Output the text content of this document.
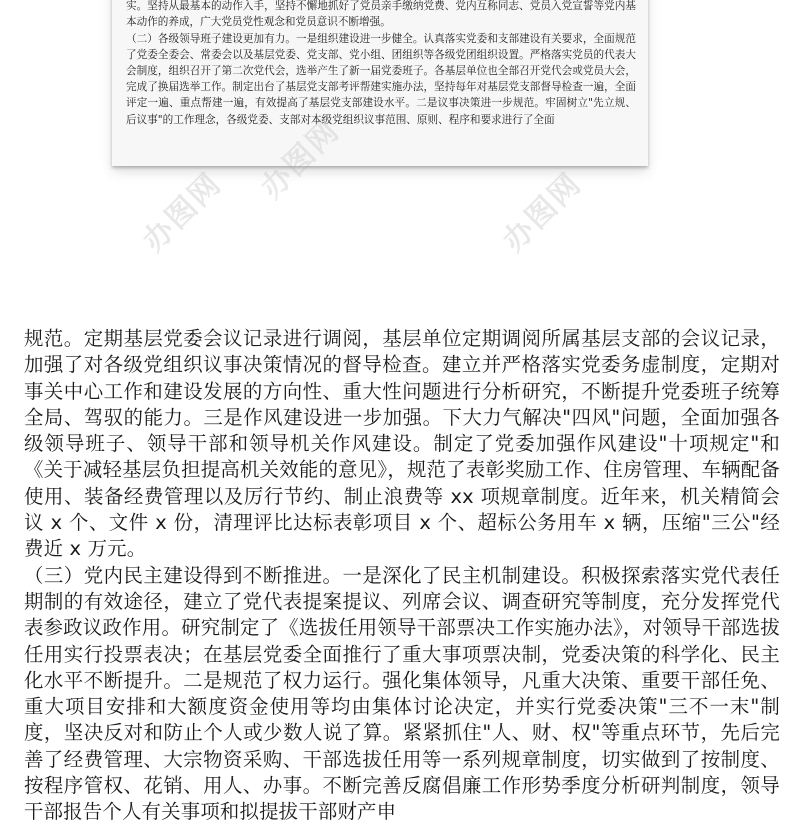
实。坚持从最基本的动作入手，坚持不懈地抓好了党员亲手缴纳党费、党内互称同志、党员入党宣誓等党内基本动作的养成，广大党员党性观念和党员意识不断增强。

（二）各级领导班子建设更加有力。一是组织建设进一步健全。认真落实党委和支部建设有关要求，全面规范了党委全委会、常委会以及基层党委、党支部、党小组、团组织等各级党团组织设置。严格落实党员的代表大会制度，组织召开了第二次党代会，选举产生了新一届党委班子。各基层单位也全部召开党代会或党员大会，完成了换届选举工作。制定出台了基层党支部考评帮建实施办法，坚持每年对基层党支部督导检查一遍，全面评定一遍、重点帮建一遍，有效提高了基层党支部建设水平。二是议事决策进一步规范。牢固树立"先立规、后议事"的工作理念，各级党委、支部对本级党组织议事范围、原则、程序和要求进行了全面

办图网
办图网	办图网

规范。定期基层党委会议记录进行调阅，基层单位定期调阅所属基层支部的会议记录，加强了对各级党组织议事决策情况的督导检查。建立并严格落实党委务虚制度，定期对事关中心工作和建设发展的方向性、重大性问题进行分析研究，不断提升党委班子统筹全局、驾驭的能力。三是作风建设进一步加强。下大力气解决"四风"问题，全面加强各级领导班子、领导干部和领导机关作风建设。制定了党委加强作风建设"十项规定"和《关于减轻基层负担提高机关效能的意见》，规范了表彰奖励工作、住房管理、车辆配备使用、装备经费管理以及厉行节约、制止浪费等 xx 项规章制度。近年来，机关精简会议 x 个、文件 x 份，清理评比达标表彰项目 x 个、超标公务用车 x 辆，压缩"三公"经费近 x 万元。

（三）党内民主建设得到不断推进。一是深化了民主机制建设。积极探索落实党代表任期制的有效途径，建立了党代表提案提议、列席会议、调查研究等制度，充分发挥党代表参政议政作用。研究制定了《选拔任用领导干部票决工作实施办法》，对领导干部选拔任用实行投票表决；在基层党委全面推行了重大事项票决制，党委决策的科学化、民主化水平不断提升。二是规范了权力运行。强化集体领导，凡重大决策、重要干部任免、重大项目安排和大额度资金使用等均由集体讨论决定，并实行党委决策"三不一末"制度，坚决反对和防止个人或少数人说了算。紧紧抓住"人、财、权"等重点环节，先后完善了经费管理、大宗物资采购、干部选拔任用等一系列规章制度，切实做到了按制度、按程序管权、花销、用人、办事。不断完善反腐倡廉工作形势季度分析研判制度，领导干部报告个人有关事项和拟提拔干部财产申
